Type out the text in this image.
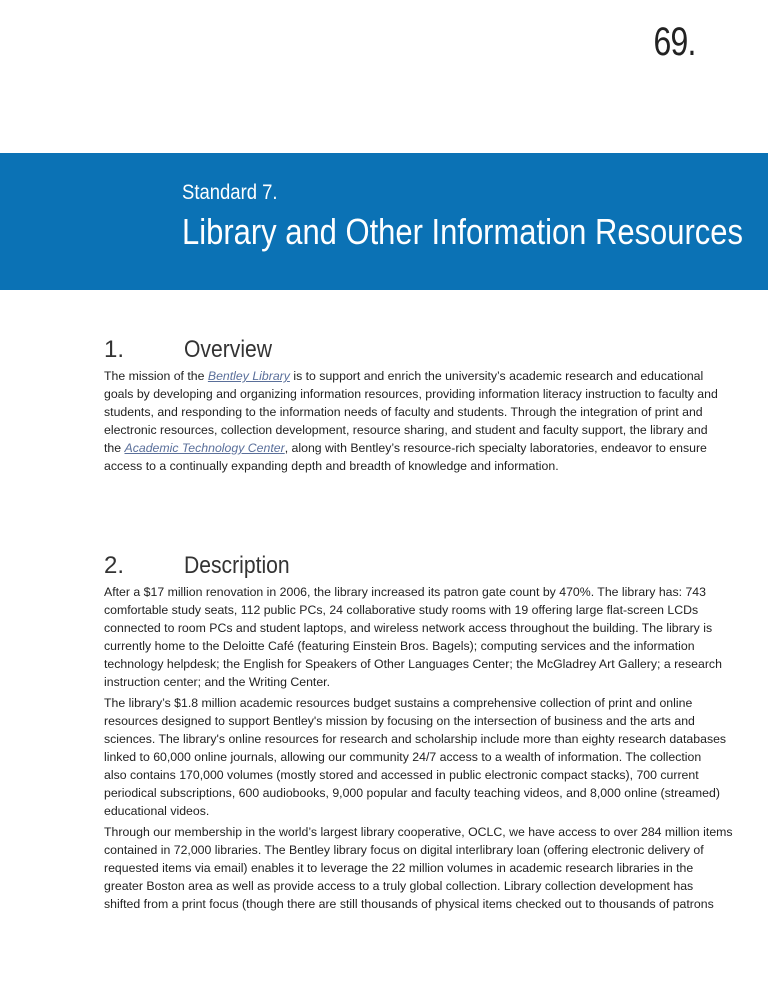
69.
Standard 7.
Library and Other Information Resources
1. Overview
The mission of the Bentley Library is to support and enrich the university’s academic research and educational
goals by developing and organizing information resources, providing information literacy instruction to faculty and
students, and responding to the information needs of faculty and students. Through the integration of print and
electronic resources, collection development, resource sharing, and student and faculty support, the library and
the Academic Technology Center, along with Bentley’s resource-rich specialty laboratories, endeavor to ensure
access to a continually expanding depth and breadth of knowledge and information.
2. Description
After a $17 million renovation in 2006, the library increased its patron gate count by 470%. The library has: 743
comfortable study seats, 112 public PCs, 24 collaborative study rooms with 19 offering large flat-screen LCDs
connected to room PCs and student laptops, and wireless network access throughout the building. The library is
currently home to the Deloitte Café (featuring Einstein Bros. Bagels); computing services and the information
technology helpdesk; the English for Speakers of Other Languages Center; the McGladrey Art Gallery; a research
instruction center; and the Writing Center.
The library’s $1.8 million academic resources budget sustains a comprehensive collection of print and online
resources designed to support Bentley's mission by focusing on the intersection of business and the arts and
sciences. The library's online resources for research and scholarship include more than eighty research databases
linked to 60,000 online journals, allowing our community 24/7 access to a wealth of information. The collection
also contains 170,000 volumes (mostly stored and accessed in public electronic compact stacks), 700 current
periodical subscriptions, 600 audiobooks, 9,000 popular and faculty teaching videos, and 8,000 online (streamed)
educational videos.
Through our membership in the world’s largest library cooperative, OCLC, we have access to over 284 million items
contained in 72,000 libraries. The Bentley library focus on digital interlibrary loan (offering electronic delivery of
requested items via email) enables it to leverage the 22 million volumes in academic research libraries in the
greater Boston area as well as provide access to a truly global collection. Library collection development has
shifted from a print focus (though there are still thousands of physical items checked out to thousands of patrons
